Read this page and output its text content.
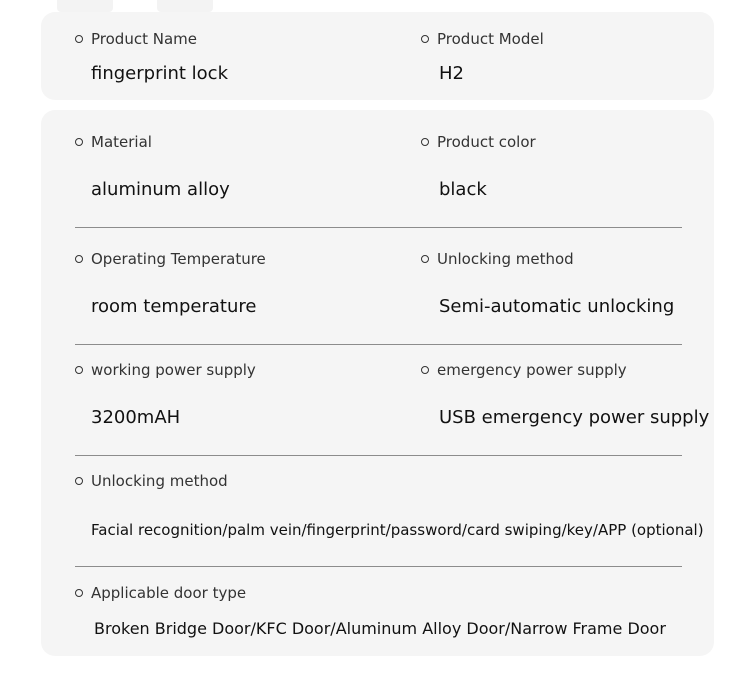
Product Name
fingerprint lock
Product Model
H2
Material
aluminum alloy
Product color
black
Operating Temperature
room temperature
Unlocking method
Semi-automatic unlocking
working power supply
3200mAH
emergency power supply
USB emergency power supply
Unlocking method
Facial recognition/palm vein/fingerprint/password/card swiping/key/APP (optional)
Applicable door type
Broken Bridge Door/KFC Door/Aluminum Alloy Door/Narrow Frame Door
